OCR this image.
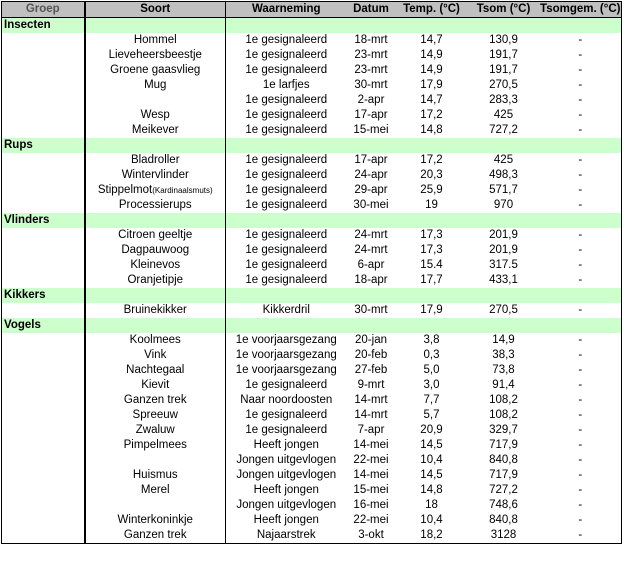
Groep	Soort	Waarneming	Datum	Temp. (°C)	Tsom (°C)	Tsomgem. (°C)
Insecten						
	Hommel	1e gesignaleerd	18-mrt	14,7	130,9	-
	Lieveheersbeestje	1e gesignaleerd	23-mrt	14,9	191,7	-
	Groene gaasvlieg	1e gesignaleerd	23-mrt	14,9	191,7	-
	Mug	1e larfjes	30-mrt	17,9	270,5	-
		1e gesignaleerd	2-apr	14,7	283,3	-
	Wesp	1e gesignaleerd	17-apr	17,2	425	-
	Meikever	1e gesignaleerd	15-mei	14,8	727,2	-
Rups						
	Bladroller	1e gesignaleerd	17-apr	17,2	425	-
	Wintervlinder	1e gesignaleerd	24-apr	20,3	498,3	-
	Stippelmot(Kardinaalsmuts)	1e gesignaleerd	29-apr	25,9	571,7	-
	Processierups	1e gesignaleerd	30-mei	19	970	-
Vlinders						
	Citroen geeltje	1e gesignaleerd	24-mrt	17,3	201,9	-
	Dagpauwoog	1e gesignaleerd	24-mrt	17,3	201,9	-
	Kleinevos	1e gesignaleerd	6-apr	15.4	317.5	-
	Oranjetipje	1e gesignaleerd	18-apr	17,7	433,1	-
Kikkers						
	Bruinekikker	Kikkerdril	30-mrt	17,9	270,5	-
Vogels						
	Koolmees	1e voorjaarsgezang	20-jan	3,8	14,9	-
	Vink	1e voorjaarsgezang	20-feb	0,3	38,3	-
	Nachtegaal	1e voorjaarsgezang	27-feb	5,0	73,8	-
	Kievit	1e gesignaleerd	9-mrt	3,0	91,4	-
	Ganzen trek	Naar noordoosten	14-mrt	7,7	108,2	-
	Spreeuw	1e gesignaleerd	14-mrt	5,7	108,2	-
	Zwaluw	1e gesignaleerd	7-apr	20,9	329,7	-
	Pimpelmees	Heeft jongen	14-mei	14,5	717,9	-
		Jongen uitgevlogen	22-mei	10,4	840,8	-
	Huismus	Jongen uitgevlogen	14-mei	14,5	717,9	-
	Merel	Heeft jongen	15-mei	14,8	727,2	-
		Jongen uitgevlogen	16-mei	18	748,6	-
	Winterkoninkje	Heeft jongen	22-mei	10,4	840,8	-
	Ganzen trek	Najaarstrek	3-okt	18,2	3128	-
